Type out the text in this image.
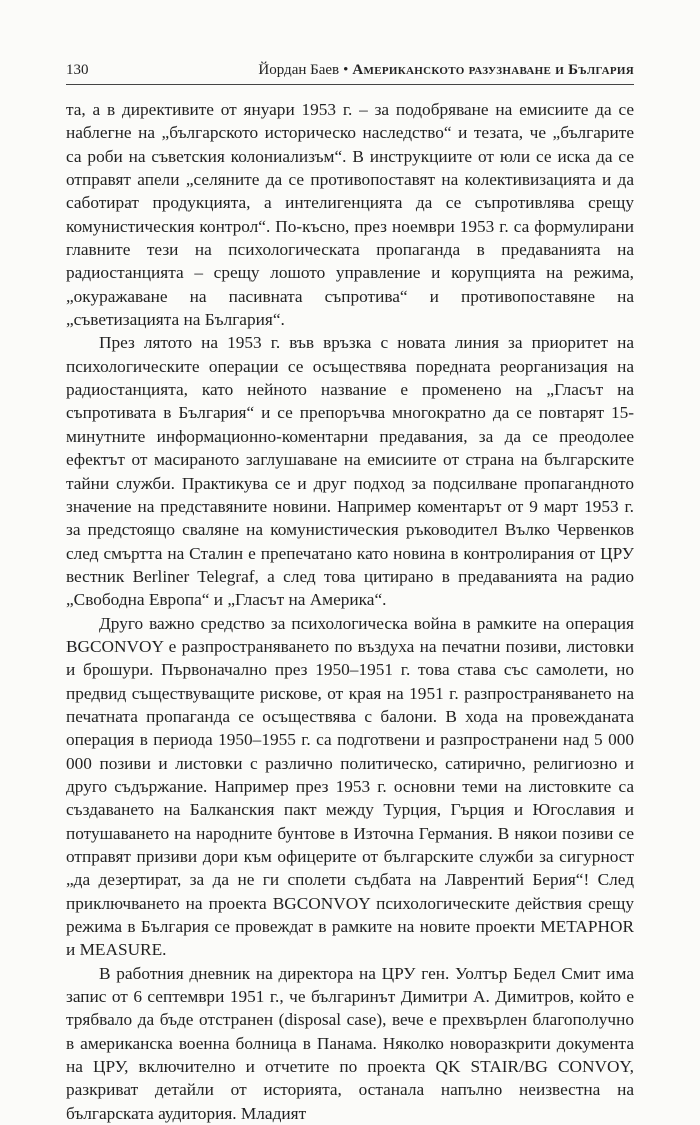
130	Йордан Баев • Американското разузнаване и България

та, а в директивите от януари 1953 г. – за подобряване на емисиите да се наблегне на „българското историческо наследство“ и тезата, че „българите са роби на съветския колониализъм“. В инструкциите от юли се иска да се отправят апели „селяните да се противопоставят на колективизацията и да саботират продукцията, а интелигенцията да се съпротивлява срещу комунистическия контрол“. По-късно, през ноември 1953 г. са формулирани главните тези на психологическата пропаганда в предаванията на радиостанцията – срещу лошото управление и корупцията на режима, „окуражаване на пасивната съпротива“ и противопоставяне на „съветизацията на България“.

През лятото на 1953 г. във връзка с новата линия за приоритет на психологическите операции се осъществява поредната реорганизация на радиостанцията, като нейното название е променено на „Гласът на съпротивата в България“ и се препоръчва многократно да се повтарят 15-минутните информационно-коментарни предавания, за да се преодолее ефектът от масираното заглушаване на емисиите от страна на българските тайни служби. Практикува се и друг подход за подсилване пропагандното значение на представяните новини. Например коментарът от 9 март 1953 г. за предстоящо сваляне на комунистическия ръководител Вълко Червенков след смъртта на Сталин е препечатано като новина в контролирания от ЦРУ вестник Berliner Telegraf, а след това цитирано в предаванията на радио „Свободна Европа“ и „Гласът на Америка“.

Друго важно средство за психологическа война в рамките на операция BGCONVOY е разпространяването по въздуха на печатни позиви, листовки и брошури. Първоначално през 1950–1951 г. това става със самолети, но предвид съществуващите рискове, от края на 1951 г. разпространяването на печатната пропаганда се осъществява с балони. В хода на провежданата операция в периода 1950–1955 г. са подготвени и разпространени над 5 000 000 позиви и листовки с различно политическо, сатирично, религиозно и друго съдържание. Например през 1953 г. основни теми на листовките са създаването на Балканския пакт между Турция, Гърция и Югославия и потушаването на народните бунтове в Източна Германия. В някои позиви се отправят призиви дори към офицерите от българските служби за сигурност „да дезертират, за да не ги сполети съдбата на Лаврентий Берия“! След приключването на проекта BGCONVOY психологическите действия срещу режима в България се провеждат в рамките на новите проекти METAPHOR и MEASURE.

В работния дневник на директора на ЦРУ ген. Уолтър Бедел Смит има запис от 6 септември 1951 г., че българинът Димитри А. Димитров, който е трябвало да бъде отстранен (disposal case), вече е прехвърлен благополучно в американска военна болница в Панама. Няколко новоразкрити документа на ЦРУ, включително и отчетите по проекта QK STAIR/BG CONVOY, разкриват детайли от историята, останала напълно неизвестна на българската аудитория. Младият
